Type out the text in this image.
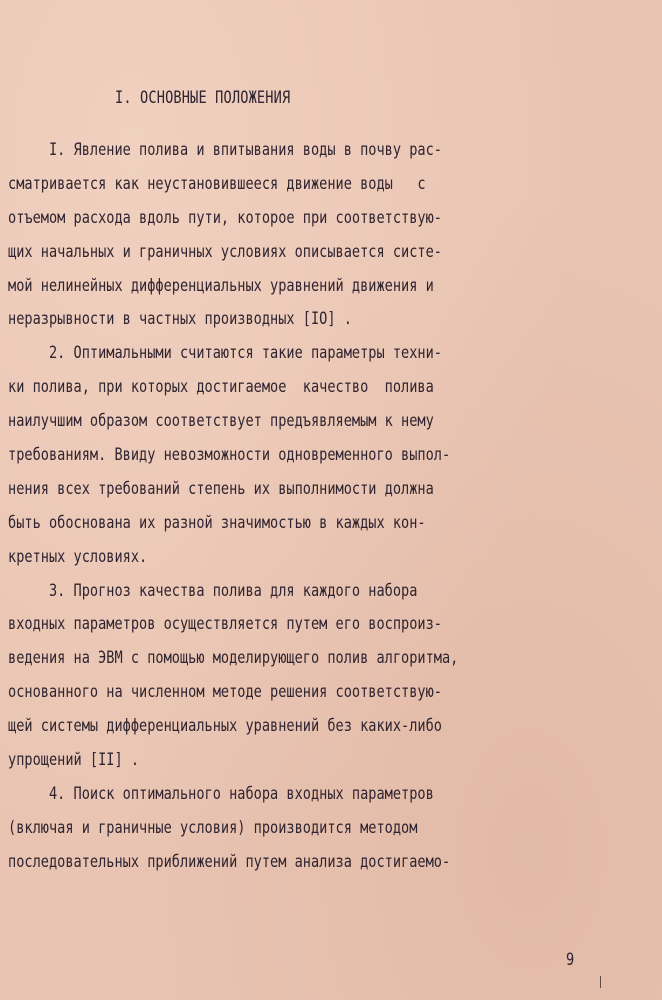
I. ОСНОВНЫЕ ПОЛОЖЕНИЯ
I. Явление полива и впитывания воды в почву рас-
сматривается как неустановившееся движение воды   с
отъемом расхода вдоль пути, которое при соответствую-
щих начальных и граничных условиях описывается систе-
мой нелинейных дифференциальных уравнений движения и
неразрывности в частных производных [IO] .
2. Оптимальными считаются такие параметры техни-
ки полива, при которых достигаемое  качество  полива
наилучшим образом соответствует предъявляемым к нему
требованиям. Ввиду невозможности одновременного выпол-
нения всех требований степень их выполнимости должна
быть обоснована их разной значимостью в каждых кон-
кретных условиях.
3. Прогноз качества полива для каждого набора
входных параметров осуществляется путем его воспроиз-
ведения на ЭВМ с помощью моделирующего полив алгоритма,
основанного на численном методе решения соответствую-
щей системы дифференциальных уравнений без каких-либо
упрощений [II] .
4. Поиск оптимального набора входных параметров
(включая и граничные условия) производится методом
последовательных приближений путем анализа достигаемо-
9
